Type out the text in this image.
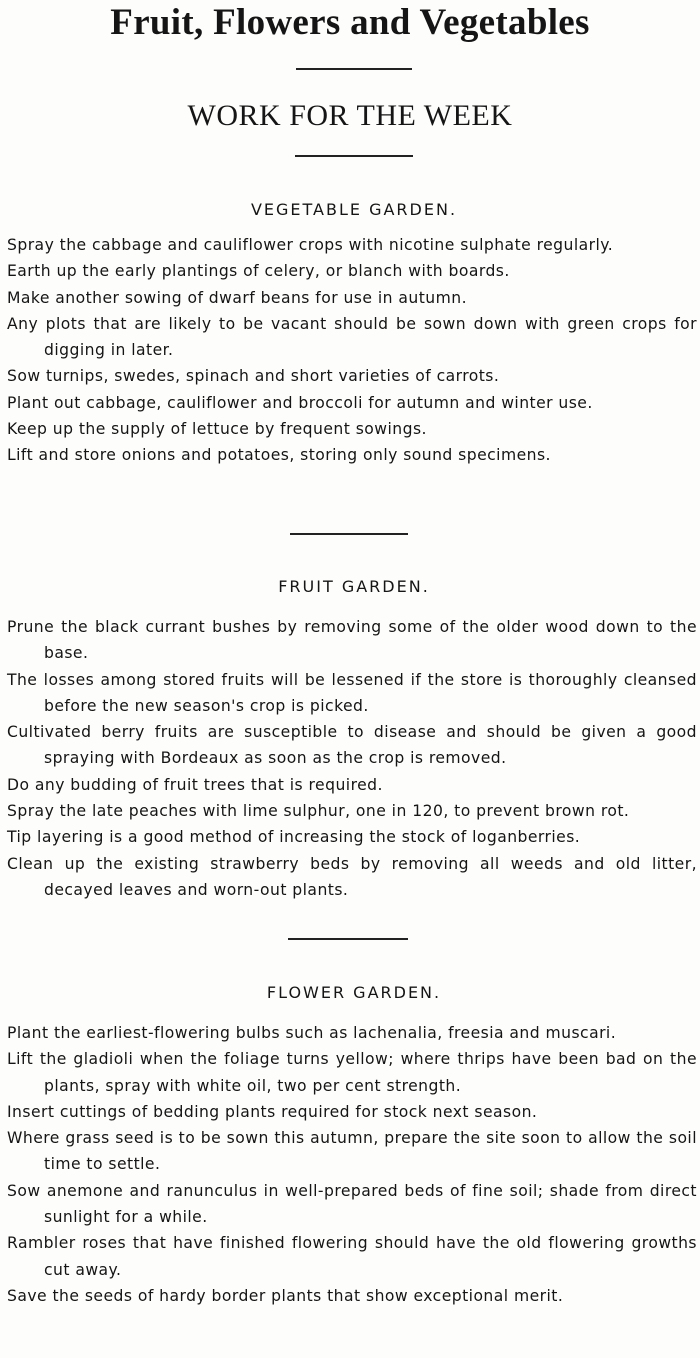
Fruit, Flowers and Vegetables
WORK FOR THE WEEK
VEGETABLE GARDEN.
Spray the cabbage and cauliflower crops with nicotine sulphate regularly.
Earth up the early plantings of celery, or blanch with boards.
Make another sowing of dwarf beans for use in autumn.
Any plots that are likely to be vacant should be sown down with green crops for digging in later.
Sow turnips, swedes, spinach and short varieties of carrots.
Plant out cabbage, cauliflower and broccoli for autumn and winter use.
Keep up the supply of lettuce by frequent sowings.
Lift and store onions and potatoes, storing only sound specimens.
FRUIT GARDEN.
Prune the black currant bushes by removing some of the older wood down to the base.
The losses among stored fruits will be lessened if the store is thoroughly cleansed before the new season's crop is picked.
Cultivated berry fruits are susceptible to disease and should be given a good spraying with Bordeaux as soon as the crop is removed.
Do any budding of fruit trees that is required.
Spray the late peaches with lime sulphur, one in 120, to prevent brown rot.
Tip layering is a good method of increasing the stock of loganberries.
Clean up the existing strawberry beds by removing all weeds and old litter, decayed leaves and worn-out plants.
FLOWER GARDEN.
Plant the earliest-flowering bulbs such as lachenalia, freesia and muscari.
Lift the gladioli when the foliage turns yellow; where thrips have been bad on the plants, spray with white oil, two per cent strength.
Insert cuttings of bedding plants required for stock next season.
Where grass seed is to be sown this autumn, prepare the site soon to allow the soil time to settle.
Sow anemone and ranunculus in well-prepared beds of fine soil; shade from direct sunlight for a while.
Rambler roses that have finished flowering should have the old flowering growths cut away.
Save the seeds of hardy border plants that show exceptional merit.
